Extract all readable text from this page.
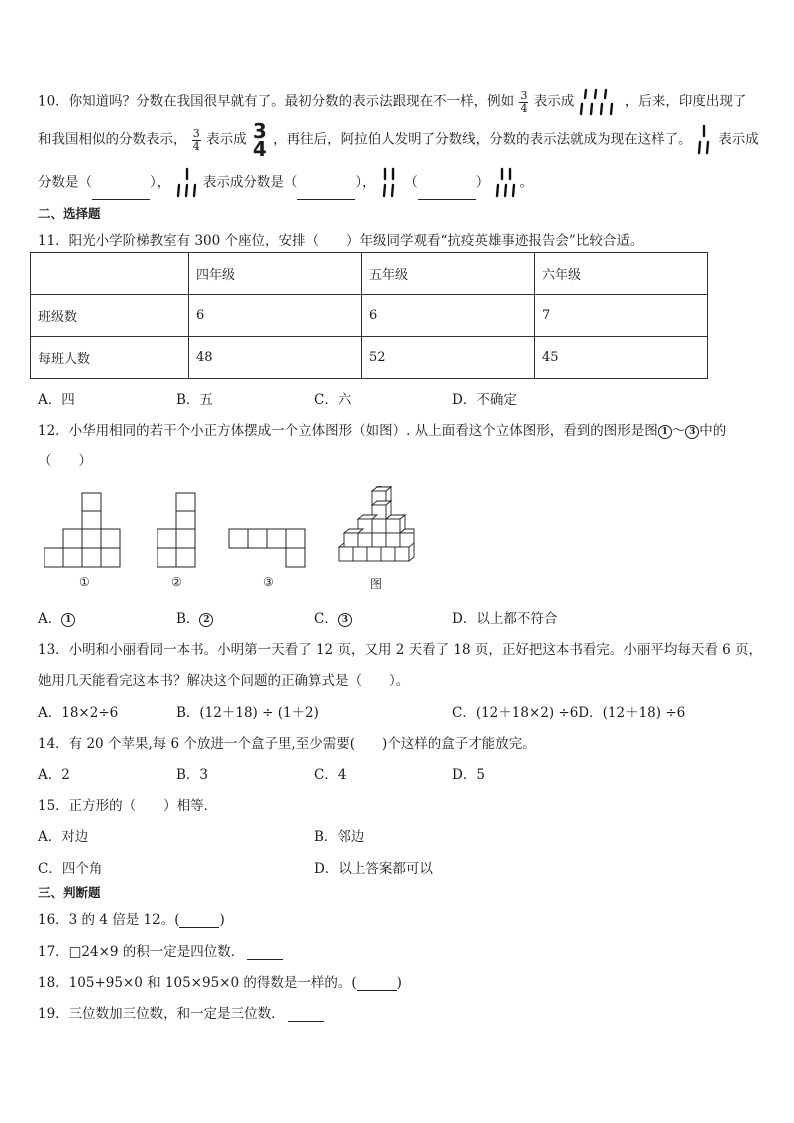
10．你知道吗？分数在我国很早就有了。最初分数的表示法跟现在不一样，例如 $\frac{3}{4}$ 表示成	，后来，印度出现了
和我国相似的分数表示， $\frac{3}{4}$ 表示成 3
4 ，再往后，阿拉伯人发明了分数线，分数的表示法就成为现在这样了。 表示成
分数是（	）， 表示成分数是（	）， （	） 。
二、选择题
11．阳光小学阶梯教室有 300 个座位，安排（　　）年级同学观看“抗疫英雄事迹报告会”比较合适。
	四年级	五年级	六年级
班级数	6	6	7
每班人数	48	52	45
A．四	B．五	C．六	D．不确定
12．小华用相同的若干个小正方体摆成一个立体图形（如图）. 从上面看这个立体图形，看到的图形是图 1 ～ 3 中的
（　　）
①	②	③	图
A． 1	B． 2	C． 3	D．以上都不符合
13．小明和小丽看同一本书。小明第一天看了 12 页，又用 2 天看了 18 页，正好把这本书看完。小丽平均每天看 6 页，
她用几天能看完这本书？解决这个问题的正确算式是（　　）。
A．18×2÷6	B．(12＋18) ÷ (1＋2)	C．(12＋18×2) ÷6D．(12＋18) ÷6
14．有 20 个苹果,每 6 个放进一个盒子里,至少需要(　　)个这样的盒子才能放完。
A．2	B．3	C．4	D．5
15．正方形的（　　）相等．
A．对边	B．邻边
C．四个角	D．以上答案都可以
三、判断题
16．3 的 4 倍是 12。(	)
17．□24×9 的积一定是四位数．
18．105+95×0 和 105×95×0 的得数是一样的。(	)
19．三位数加三位数，和一定是三位数．
